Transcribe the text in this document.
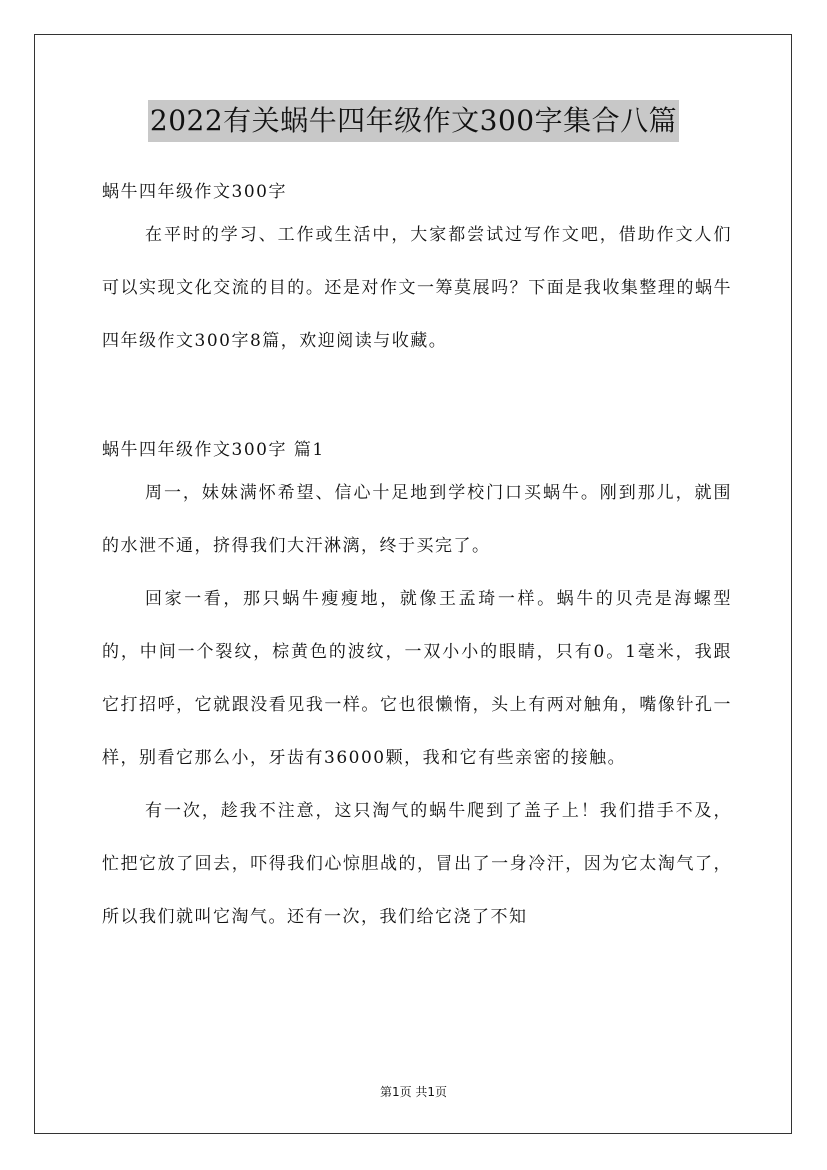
2022有关蜗牛四年级作文300字集合八篇
蜗牛四年级作文300字
在平时的学习、工作或生活中，大家都尝试过写作文吧，借助作文人们可以实现文化交流的目的。还是对作文一筹莫展吗？下面是我收集整理的蜗牛四年级作文300字8篇，欢迎阅读与收藏。
蜗牛四年级作文300字 篇1
周一，妹妹满怀希望、信心十足地到学校门口买蜗牛。刚到那儿，就围的水泄不通，挤得我们大汗淋漓，终于买完了。
回家一看，那只蜗牛瘦瘦地，就像王孟琦一样。蜗牛的贝壳是海螺型的，中间一个裂纹，棕黄色的波纹，一双小小的眼睛，只有0。1毫米，我跟它打招呼，它就跟没看见我一样。它也很懒惰，头上有两对触角，嘴像针孔一样，别看它那么小，牙齿有36000颗，我和它有些亲密的接触。
有一次，趁我不注意，这只淘气的蜗牛爬到了盖子上！我们措手不及，忙把它放了回去，吓得我们心惊胆战的，冒出了一身冷汗，因为它太淘气了，所以我们就叫它淘气。还有一次，我们给它浇了不知
第1页 共1页
